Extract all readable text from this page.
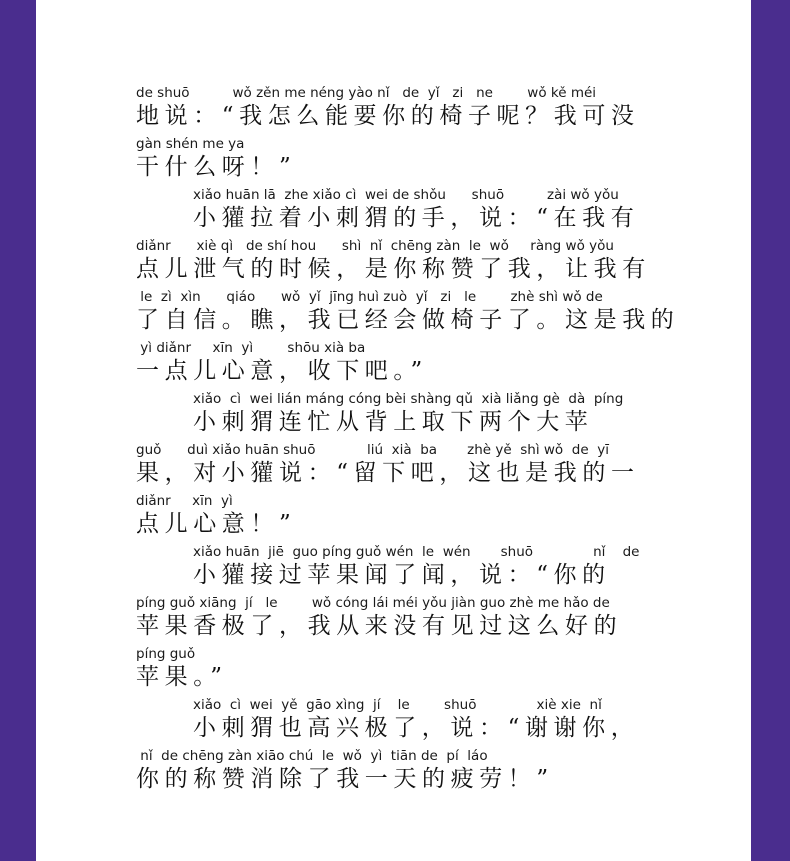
de shuō          wǒ zěn me néng yào nǐ   de  yǐ   zi   ne        wǒ kě méi
地说：“我怎么能要你的椅子呢？我可没
gàn shén me ya
干什么呀！”
xiǎo huān lā  zhe xiǎo cì  wei de shǒu      shuō          zài wǒ yǒu
小獾拉着小刺猬的手，说：“在我有
diǎnr      xiè qì   de shí hou      shì  nǐ  chēng zàn  le  wǒ     ràng wǒ yǒu
点儿泄气的时候，是你称赞了我，让我有
le  zì  xìn      qiáo      wǒ  yǐ  jīng huì zuò  yǐ   zi   le        zhè shì wǒ de
了自信。瞧，我已经会做椅子了。这是我的
yì diǎnr     xīn  yì        shōu xià ba
一点儿心意，收下吧。”
xiǎo  cì  wei lián máng cóng bèi shàng qǔ  xià liǎng gè  dà  píng
小刺猬连忙从背上取下两个大苹
guǒ      duì xiǎo huān shuō            liú  xià  ba       zhè yě  shì wǒ  de  yī
果，对小獾说：“留下吧，这也是我的一
diǎnr     xīn  yì
点儿心意！”
xiǎo huān  jiē  guo píng guǒ wén  le  wén       shuō              nǐ    de
小獾接过苹果闻了闻，说：“你的
píng guǒ xiāng  jí   le        wǒ cóng lái méi yǒu jiàn guo zhè me hǎo de
苹果香极了，我从来没有见过这么好的
píng guǒ
苹果。”
xiǎo  cì  wei  yě  gāo xìng  jí    le        shuō              xiè xie  nǐ
小刺猬也高兴极了，说：“谢谢你，
nǐ  de chēng zàn xiāo chú  le  wǒ  yì  tiān de  pí  láo
你的称赞消除了我一天的疲劳！”
